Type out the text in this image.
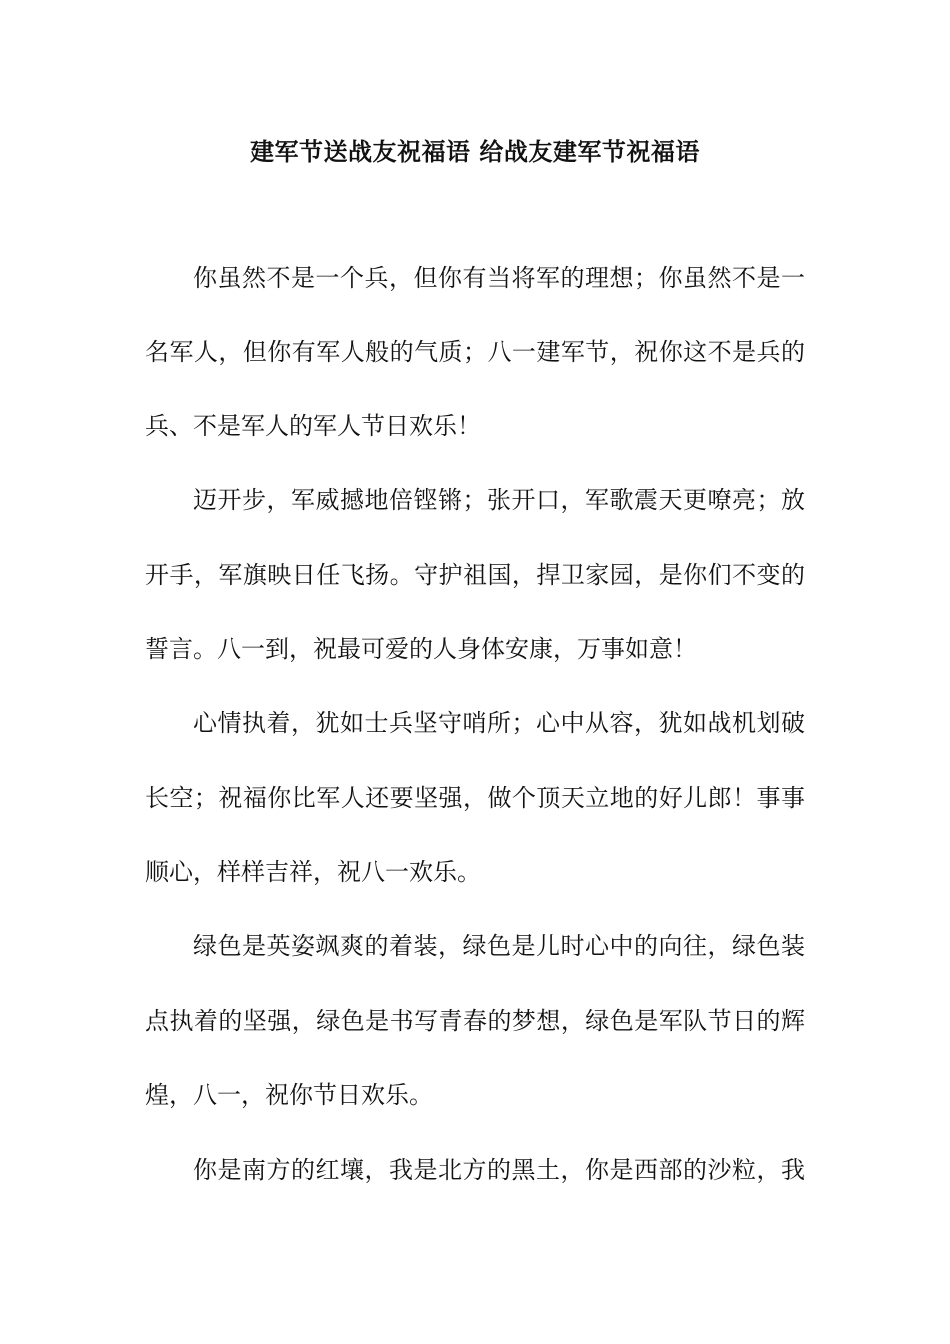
建军节送战友祝福语 给战友建军节祝福语
你虽然不是一个兵，但你有当将军的理想；你虽然不是一
名军人，但你有军人般的气质；八一建军节，祝你这不是兵的
兵、不是军人的军人节日欢乐！
迈开步，军威撼地倍铿锵；张开口，军歌震天更嘹亮；放
开手，军旗映日任飞扬。守护祖国，捍卫家园，是你们不变的
誓言。八一到，祝最可爱的人身体安康，万事如意！
心情执着，犹如士兵坚守哨所；心中从容，犹如战机划破
长空；祝福你比军人还要坚强，做个顶天立地的好儿郎！事事
顺心，样样吉祥，祝八一欢乐。
绿色是英姿飒爽的着装，绿色是儿时心中的向往，绿色装
点执着的坚强，绿色是书写青春的梦想，绿色是军队节日的辉
煌，八一，祝你节日欢乐。
你是南方的红壤，我是北方的黑土，你是西部的沙粒，我
